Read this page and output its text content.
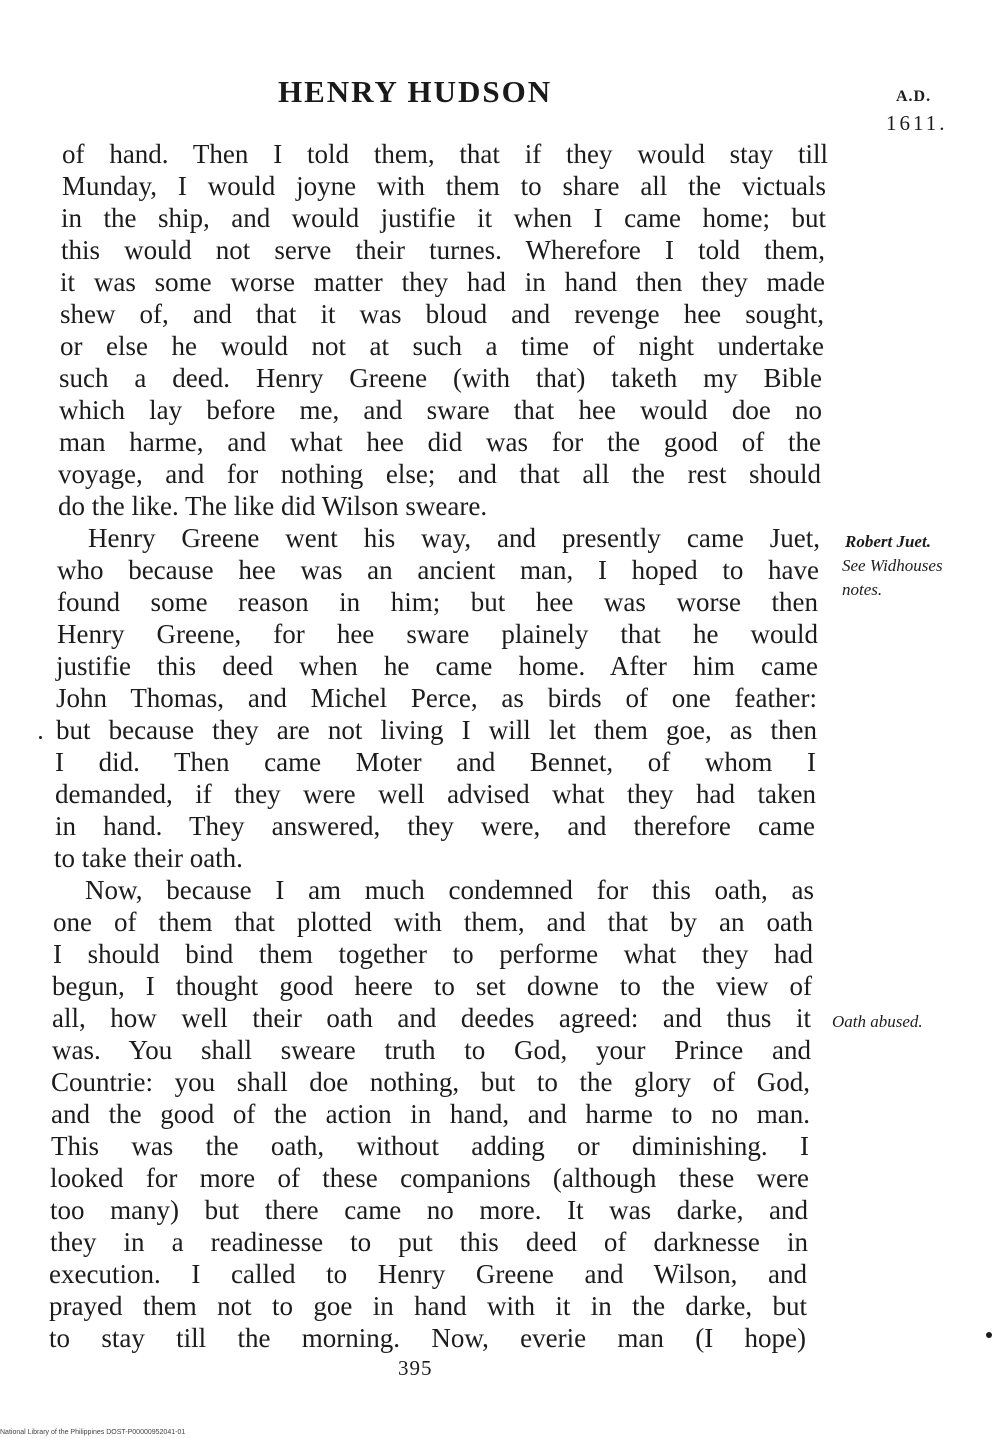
HENRY HUDSON	A.D.
1611.
of hand. Then I told them, that if they would stay till
Munday, I would joyne with them to share all the victuals
in the ship, and would justifie it when I came home; but
this would not serve their turnes. Wherefore I told them,
it was some worse matter they had in hand then they made
shew of, and that it was bloud and revenge hee sought,
or else he would not at such a time of night undertake
such a deed. Henry Greene (with that) taketh my Bible
which lay before me, and sware that hee would doe no
man harme, and what hee did was for the good of the
voyage, and for nothing else; and that all the rest should
do the like. The like did Wilson sweare.
Henry Greene went his way, and presently came Juet,
who because hee was an ancient man, I hoped to have
found some reason in him; but hee was worse then
Henry Greene, for hee sware plainely that he would
justifie this deed when he came home. After him came
John Thomas, and Michel Perce, as birds of one feather:
but because they are not living I will let them goe, as then
I did. Then came Moter and Bennet, of whom I
demanded, if they were well advised what they had taken
in hand. They answered, they were, and therefore came
to take their oath.
Now, because I am much condemned for this oath, as
one of them that plotted with them, and that by an oath
I should bind them together to performe what they had
begun, I thought good heere to set downe to the view of
all, how well their oath and deedes agreed: and thus it
was. You shall sweare truth to God, your Prince and
Countrie: you shall doe nothing, but to the glory of God,
and the good of the action in hand, and harme to no man.
This was the oath, without adding or diminishing. I
looked for more of these companions (although these were
too many) but there came no more. It was darke, and
they in a readinesse to put this deed of darknesse in
execution. I called to Henry Greene and Wilson, and
prayed them not to goe in hand with it in the darke, but
to stay till the morning. Now, everie man (I hope)
Robert Juet.
See Widhouses
notes.
Oath abused.
395
National Library of the Philippines DOST-P00000952041-01
